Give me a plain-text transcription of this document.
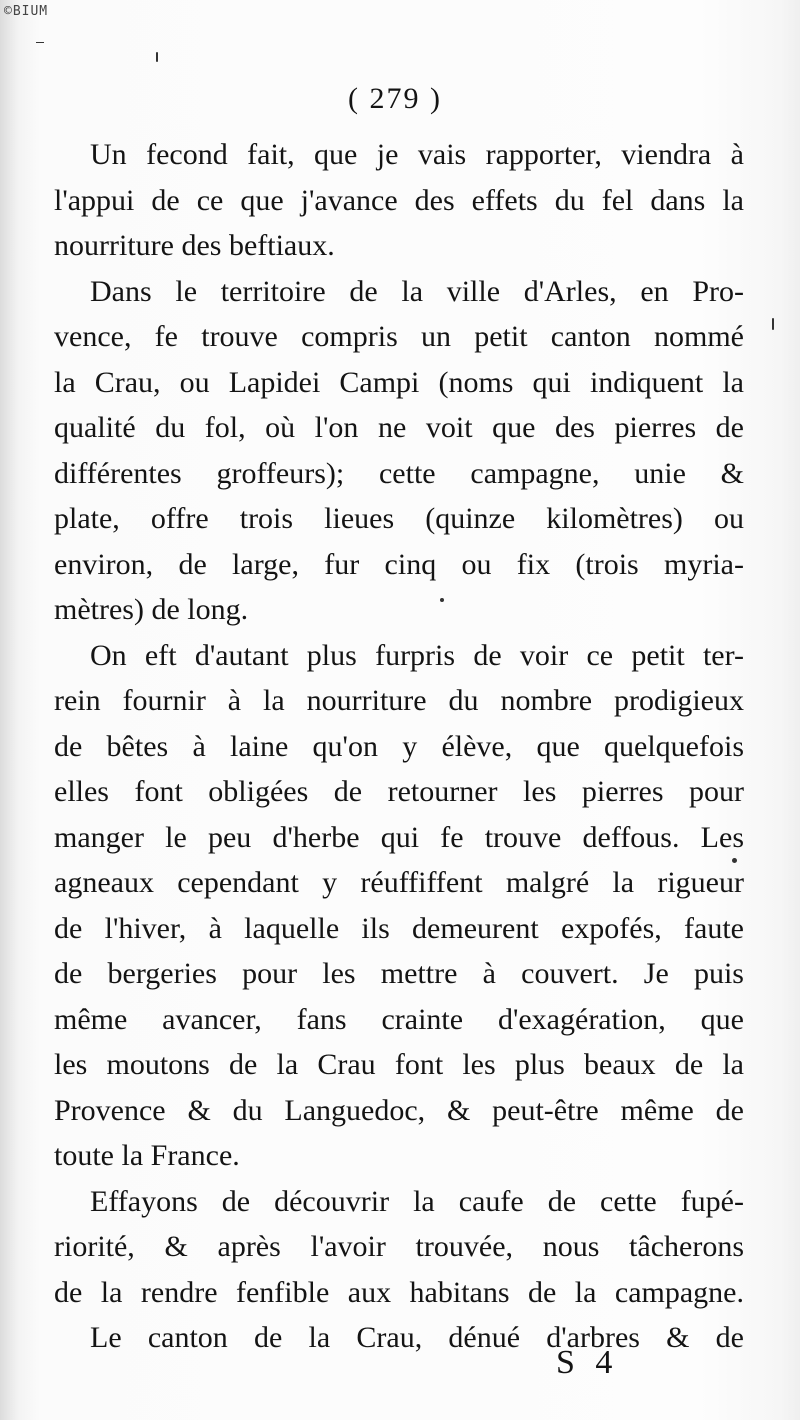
©BIUM
( 279 )
Un fecond fait, que je vais rapporter, viendra à
l'appui de ce que j'avance des effets du fel dans la
nourriture des beftiaux.
Dans le territoire de la ville d'Arles, en Pro-
vence, fe trouve compris un petit canton nommé
la Crau, ou Lapidei Campi (noms qui indiquent la
qualité du fol, où l'on ne voit que des pierres de
différentes groffeurs); cette campagne, unie &
plate, offre trois lieues (quinze kilomètres) ou
environ, de large, fur cinq ou fix (trois myria-
mètres) de long.
On eft d'autant plus furpris de voir ce petit ter-
rein fournir à la nourriture du nombre prodigieux
de bêtes à laine qu'on y élève, que quelquefois
elles font obligées de retourner les pierres pour
manger le peu d'herbe qui fe trouve deffous. Les
agneaux cependant y réuffiffent malgré la rigueur
de l'hiver, à laquelle ils demeurent expofés, faute
de bergeries pour les mettre à couvert. Je puis
même avancer, fans crainte d'exagération, que
les moutons de la Crau font les plus beaux de la
Provence & du Languedoc, & peut-être même de
toute la France.
Effayons de découvrir la caufe de cette fupé-
riorité, & après l'avoir trouvée, nous tâcherons
de la rendre fenfible aux habitans de la campagne.
Le canton de la Crau, dénué d'arbres & de
S 4
